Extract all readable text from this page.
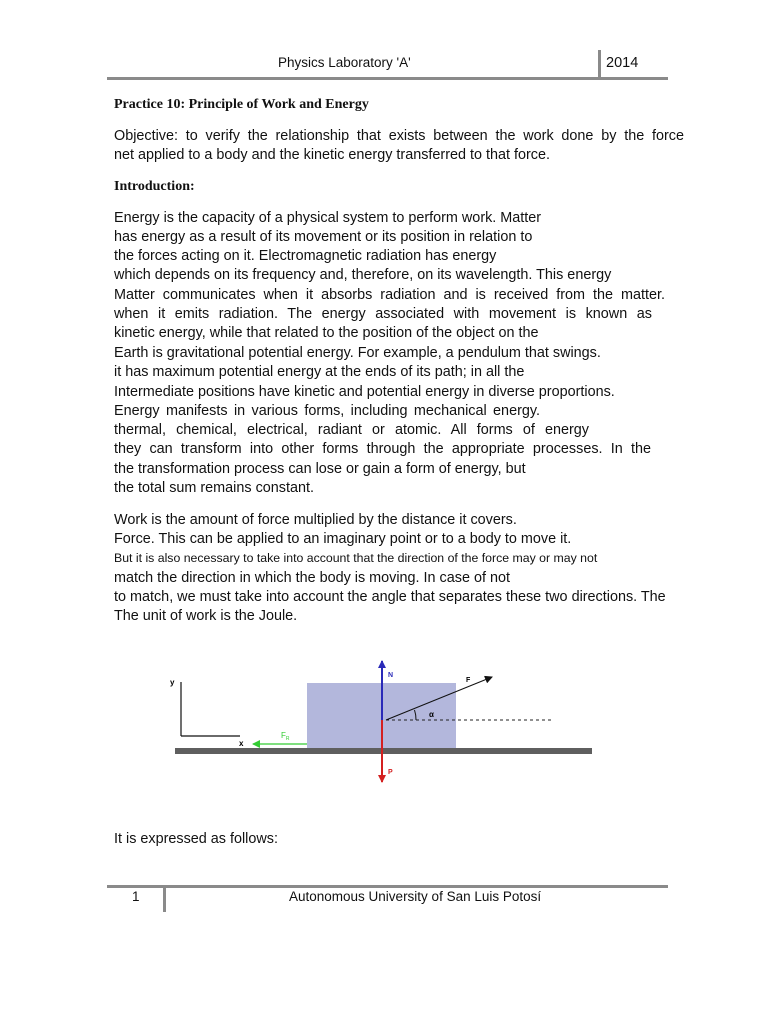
Physics Laboratory 'A'	2014
Practice 10: Principle of Work and Energy
Objective: to verify the relationship that exists between the work done by the force
net applied to a body and the kinetic energy transferred to that force.
Introduction:
Energy is the capacity of a physical system to perform work. Matter
has energy as a result of its movement or its position in relation to
the forces acting on it. Electromagnetic radiation has energy
which depends on its frequency and, therefore, on its wavelength. This energy
Matter communicates when it absorbs radiation and is received from the matter.
when it emits radiation. The energy associated with movement is known as
kinetic energy, while that related to the position of the object on the
Earth is gravitational potential energy. For example, a pendulum that swings.
it has maximum potential energy at the ends of its path; in all the
Intermediate positions have kinetic and potential energy in diverse proportions.
Energy manifests in various forms, including mechanical energy.
thermal, chemical, electrical, radiant or atomic. All forms of energy
they can transform into other forms through the appropriate processes. In the
the transformation process can lose or gain a form of energy, but
the total sum remains constant.
Work is the amount of force multiplied by the distance it covers.
Force. This can be applied to an imaginary point or to a body to move it.
But it is also necessary to take into account that the direction of the force may or may not
match the direction in which the body is moving. In case of not
to match, we must take into account the angle that separates these two directions. The
The unit of work is the Joule.
y
x
α
F
N
P
$F_R$
It is expressed as follows:
1	Autonomous University of San Luis Potosí
